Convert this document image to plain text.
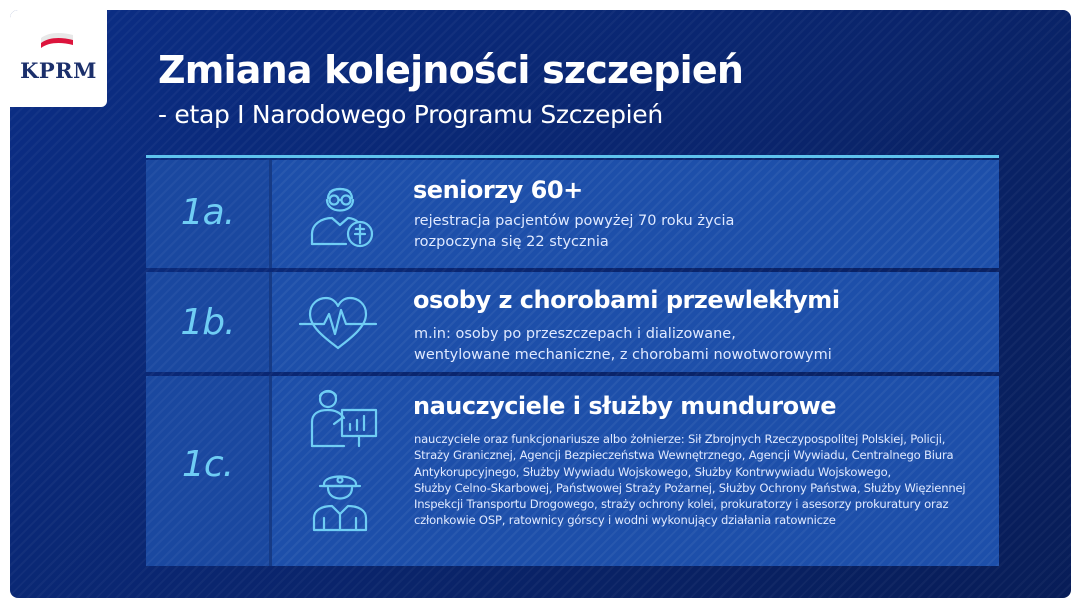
KPRM Zmiana kolejności szczepień
- etap I Narodowego Programu Szczepień
1a.
seniorzy 60+
rejestracja pacjentów powyżej 70 roku życia
rozpoczyna się 22 stycznia
1b.
osoby z chorobami przewlekłymi
m.in: osoby po przeszczepach i dializowane,
wentylowane mechaniczne, z chorobami nowotworowymi
1c.
nauczyciele i służby mundurowe
nauczyciele oraz funkcjonariusze albo żołnierze: Sił Zbrojnych Rzeczypospolitej Polskiej, Policji,
Straży Granicznej, Agencji Bezpieczeństwa Wewnętrznego, Agencji Wywiadu, Centralnego Biura
Antykorupcyjnego, Służby Wywiadu Wojskowego, Służby Kontrwywiadu Wojskowego,
Służby Celno-Skarbowej, Państwowej Straży Pożarnej, Służby Ochrony Państwa, Służby Więziennej
Inspekcji Transportu Drogowego, straży ochrony kolei, prokuratorzy i asesorzy prokuratury oraz
członkowie OSP, ratownicy górscy i wodni wykonujący działania ratownicze
